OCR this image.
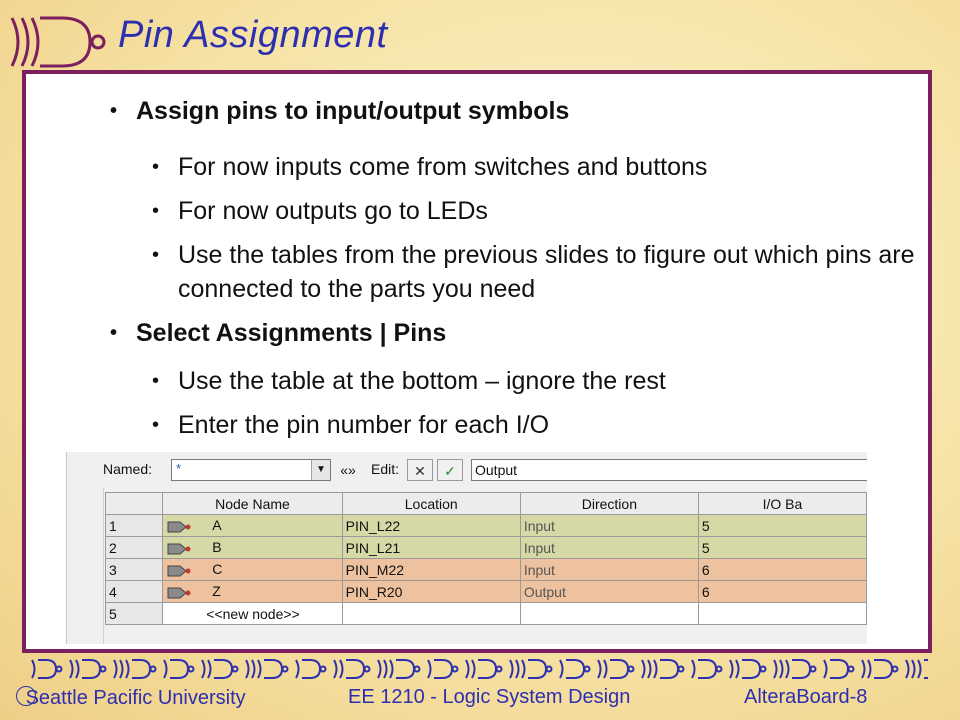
Pin Assignment
• Assign pins to input/output symbols
• For now inputs come from switches and buttons
• For now outputs go to LEDs
• Use the tables from the previous slides to figure out which pins are connected to the parts you need
• Select Assignments | Pins
• Use the table at the bottom – ignore the rest
• Enter the pin number for each I/O
Named: *	▼	«»	Edit:	✕	✓	Output
	Node Name	Location	Direction	I/O Ba
1	A	PIN_L22	Input	5
2	B	PIN_L21	Input	5
3	C	PIN_M22	Input	6
4	Z	PIN_R20	Output	6
5	<<new node>>			
Seattle Pacific University	EE 1210 - Logic System Design	AlteraBoard-8
